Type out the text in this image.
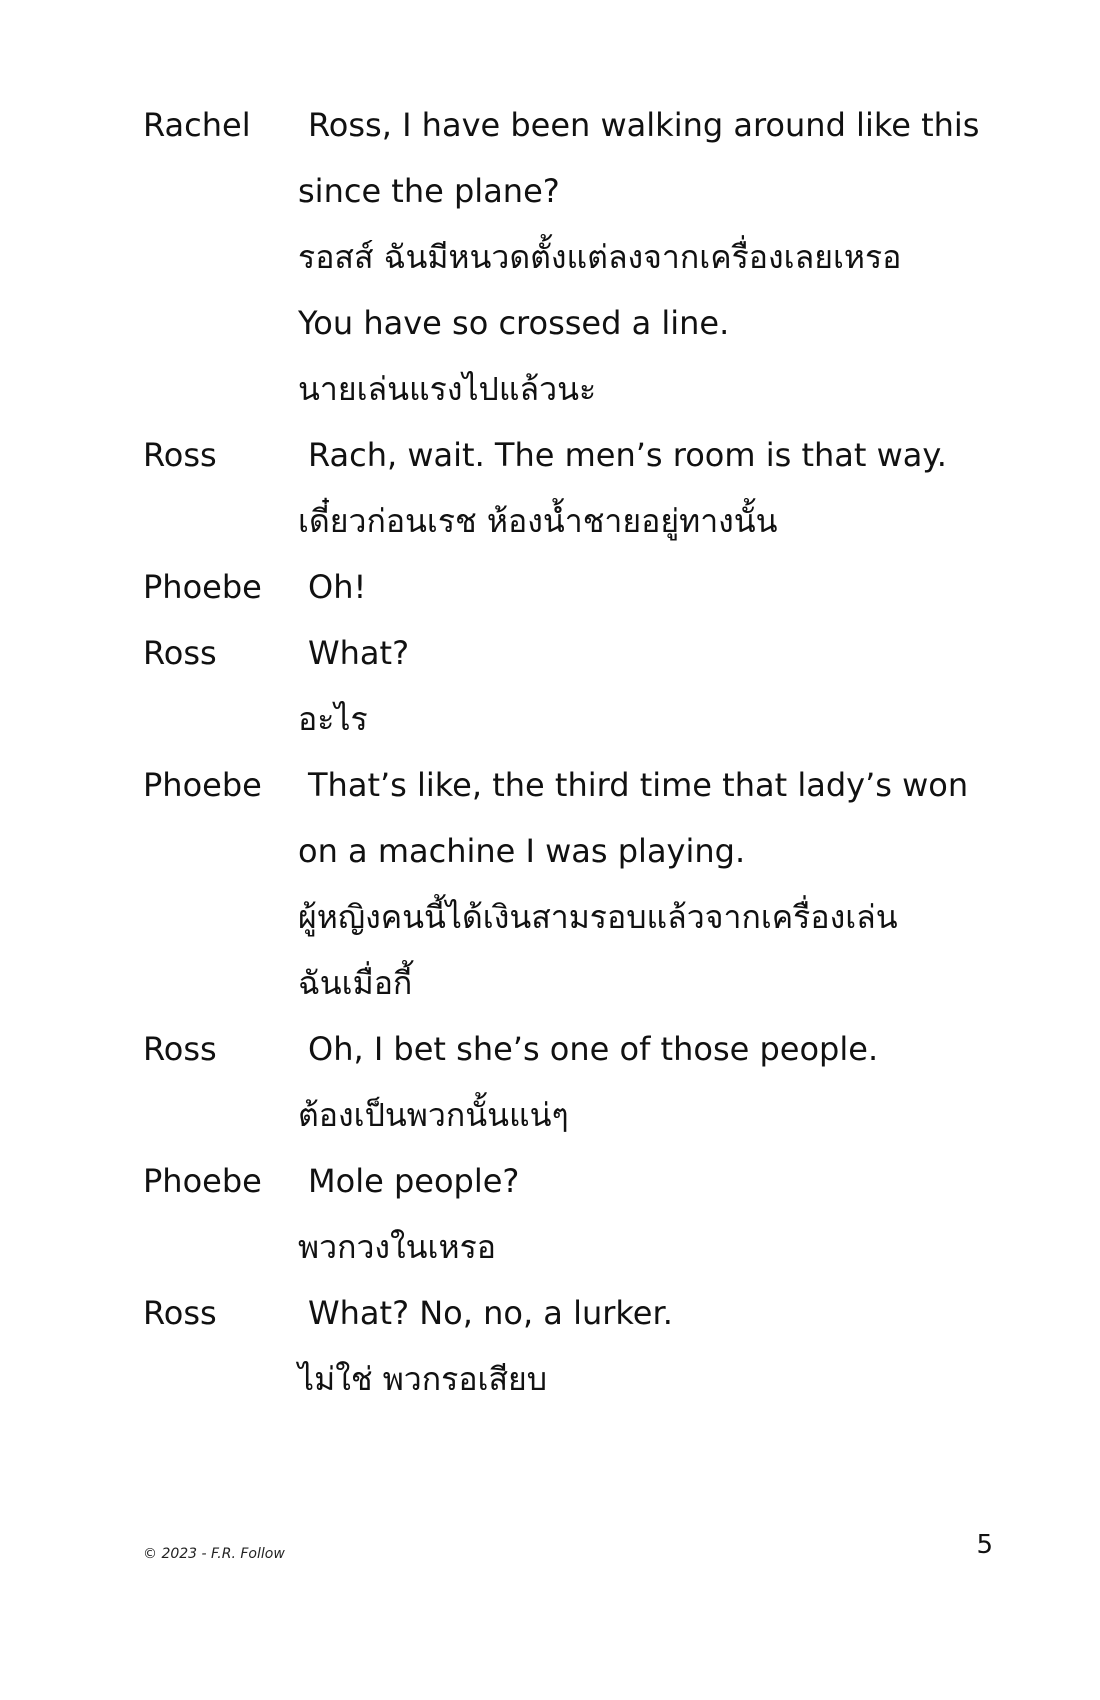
Rachel	Ross, I have been walking around like this
since the plane?
รอสส์ ฉันมีหนวดตั้งแต่ลงจากเครื่องเลยเหรอ
You have so crossed a line.
นายเล่นแรงไปแล้วนะ
Ross	Rach, wait. The men’s room is that way.
เดี๋ยวก่อนเรช ห้องน้ำชายอยู่ทางนั้น
Phoebe	Oh!
Ross	What?
อะไร
Phoebe	That’s like, the third time that lady’s won
on a machine I was playing.
ผู้หญิงคนนี้ได้เงินสามรอบแล้วจากเครื่องเล่น
ฉันเมื่อกี้
Ross	Oh, I bet she’s one of those people.
ต้องเป็นพวกนั้นแน่ๆ
Phoebe	Mole people?
พวกวงในเหรอ
Ross	What? No, no, a lurker.
ไม่ใช่ พวกรอเสียบ
© 2023 - F.R. Follow	5
